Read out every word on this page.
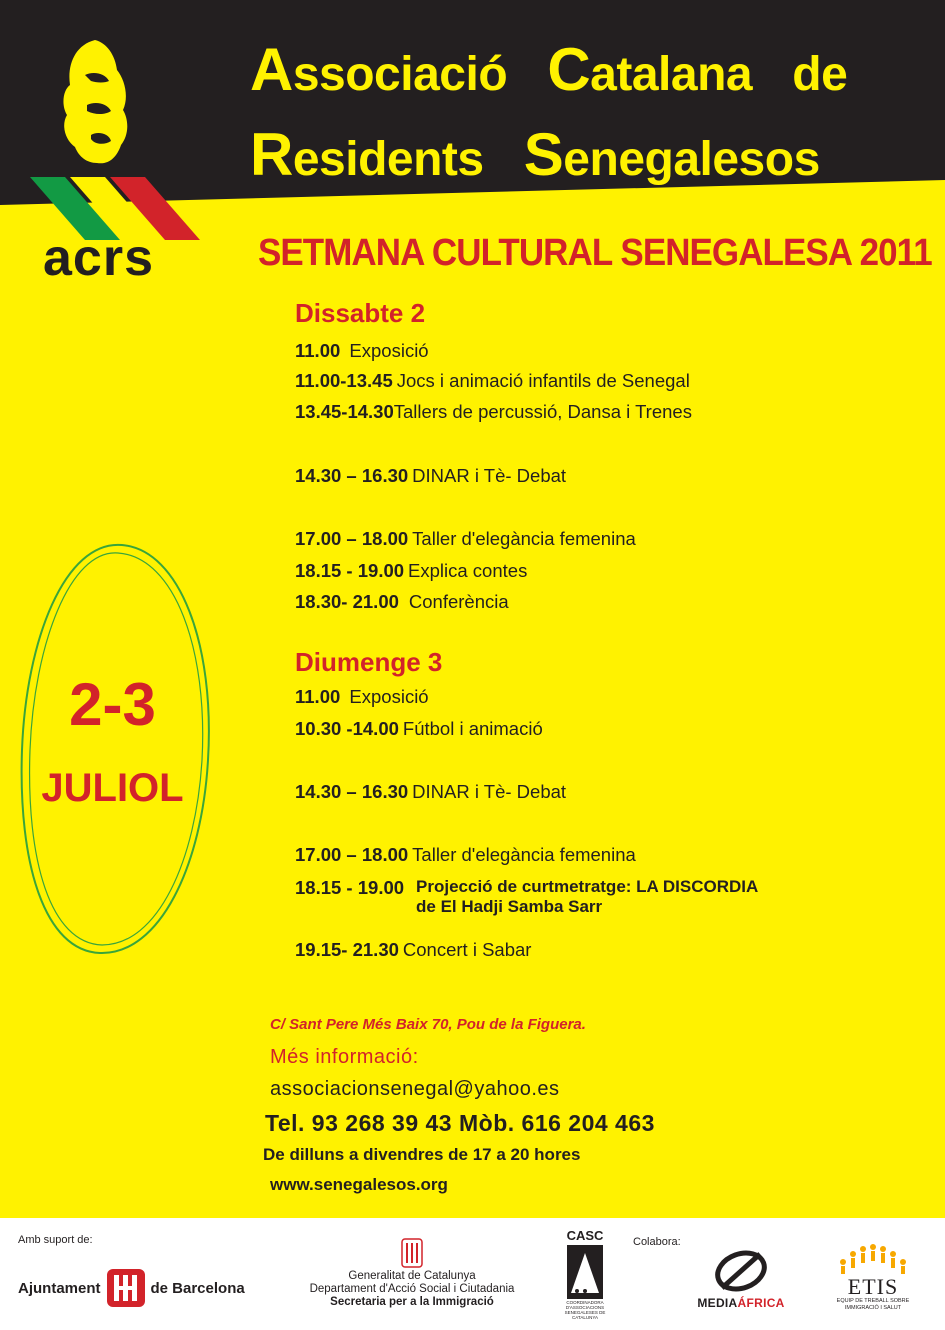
acrs
Associació Catalana de
Residents Senegalesos
SETMANA CULTURAL SENEGALESA 2011
Dissabte 2
11.00 Exposició
11.00-13.45 Jocs i animació infantils de Senegal
13.45-14.30Tallers de percussió, Dansa i Trenes
14.30 – 16.30 DINAR i Tè- Debat
17.00 – 18.00 Taller d'elegància femenina
18.15 - 19.00 Explica contes
18.30- 21.00 Conferència
Diumenge 3
11.00 Exposició
10.30 -14.00 Fútbol i animació
14.30 – 16.30 DINAR i Tè- Debat
17.00 – 18.00 Taller d'elegància femenina
18.15 - 19.00 Projecció de curtmetratge: LA DISCORDIA
de El Hadji Samba Sarr
19.15- 21.30 Concert i Sabar
2-3
JULIOL
C/ Sant Pere Més Baix 70, Pou de la Figuera.
Més informació:
associacionsenegal@yahoo.es
Tel. 93 268 39 43 Mòb. 616 204 463
De dilluns a divendres de 17 a 20 hores
www.senegalesos.org
Amb suport de:	Colabora:
Ajuntament	de Barcelona
Generalitat de Catalunya
Departament d'Acció Social i Ciutadania
Secretaria per a la Immigració
CASC
COORDINADORA D'ASSOCIACIONS SENEGALESES DE CATALUNYA
MEDIAÁFRICA
ETIS
EQUIP DE TREBALL SOBRE IMMIGRACIÓ I SALUT
